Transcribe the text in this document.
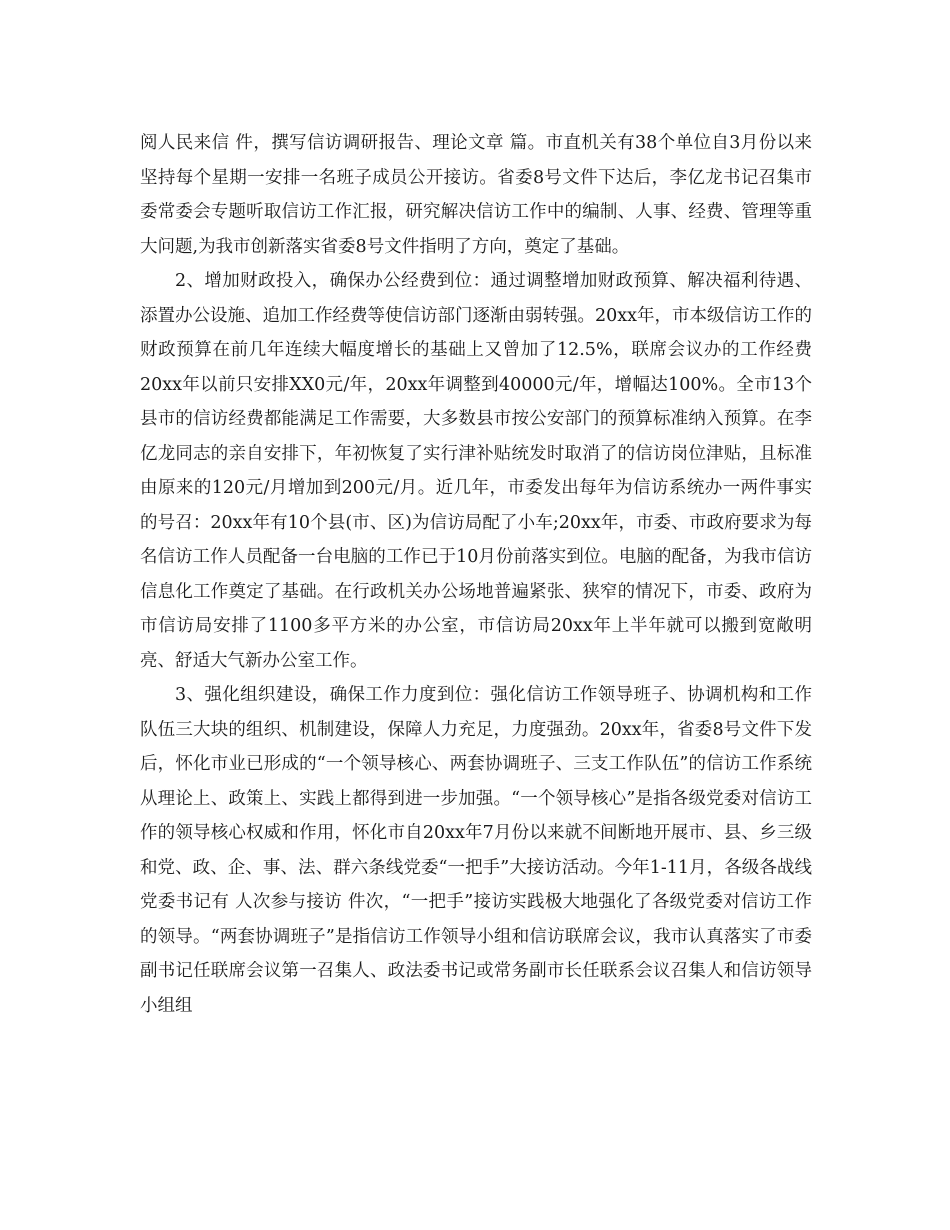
阅人民来信 件，撰写信访调研报告、理论文章 篇。市直机关有38个单位自3月份以来坚持每个星期一安排一名班子成员公开接访。省委8号文件下达后，李亿龙书记召集市委常委会专题听取信访工作汇报，研究解决信访工作中的编制、人事、经费、管理等重大问题,为我市创新落实省委8号文件指明了方向，奠定了基础。

2、增加财政投入，确保办公经费到位：通过调整增加财政预算、解决福利待遇、添置办公设施、追加工作经费等使信访部门逐渐由弱转强。20xx年，市本级信访工作的财政预算在前几年连续大幅度增长的基础上又曾加了12.5%，联席会议办的工作经费20xx年以前只安排XX0元/年，20xx年调整到40000元/年，增幅达100%。全市13个县市的信访经费都能满足工作需要，大多数县市按公安部门的预算标准纳入预算。在李亿龙同志的亲自安排下，年初恢复了实行津补贴统发时取消了的信访岗位津贴，且标准由原来的120元/月增加到200元/月。近几年，市委发出每年为信访系统办一两件事实的号召：20xx年有10个县(市、区)为信访局配了小车;20xx年，市委、市政府要求为每名信访工作人员配备一台电脑的工作已于10月份前落实到位。电脑的配备，为我市信访信息化工作奠定了基础。在行政机关办公场地普遍紧张、狭窄的情况下，市委、政府为市信访局安排了1100多平方米的办公室，市信访局20xx年上半年就可以搬到宽敞明亮、舒适大气新办公室工作。

3、强化组织建设，确保工作力度到位：强化信访工作领导班子、协调机构和工作队伍三大块的组织、机制建设，保障人力充足，力度强劲。20xx年，省委8号文件下发后，怀化市业已形成的“一个领导核心、两套协调班子、三支工作队伍”的信访工作系统从理论上、政策上、实践上都得到进一步加强。“一个领导核心”是指各级党委对信访工作的领导核心权威和作用，怀化市自20xx年7月份以来就不间断地开展市、县、乡三级和党、政、企、事、法、群六条线党委“一把手”大接访活动。今年1-11月，各级各战线党委书记有 人次参与接访 件次，“一把手”接访实践极大地强化了各级党委对信访工作的领导。“两套协调班子”是指信访工作领导小组和信访联席会议，我市认真落实了市委副书记任联席会议第一召集人、政法委书记或常务副市长任联系会议召集人和信访领导小组组
